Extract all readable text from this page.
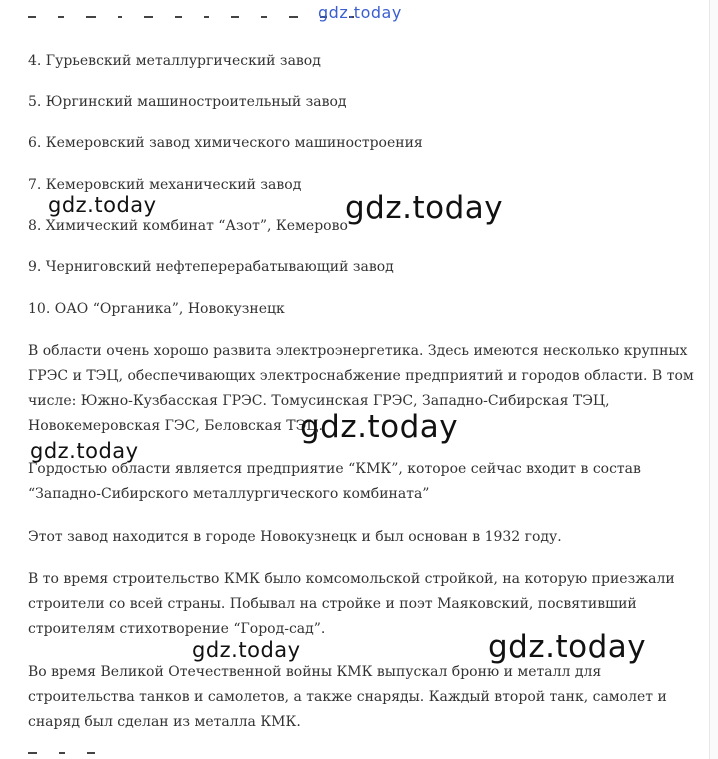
gdz.today
4. Гурьевский металлургический завод
5. Юргинский машиностроительный завод
6. Кемеровский завод химического машиностроения
7. Кемеровский механический завод
8. Химический комбинат “Азот”, Кемерово
9. Черниговский нефтеперерабатывающий завод
10. ОАО “Органика”, Новокузнецк
В области очень хорошо развита электроэнергетика. Здесь имеются несколько крупных
ГРЭС и ТЭЦ, обеспечивающих электроснабжение предприятий и городов области. В том
числе: Южно-Кузбасская ГРЭС. Томусинская ГРЭС, Западно-Сибирская ТЭЦ,
Новокемеровская ГЭС, Беловская ТЭЦ.
Гордостью области является предприятие “КМК”, которое сейчас входит в состав
“Западно-Сибирского металлургического комбината”
Этот завод находится в городе Новокузнецк и был основан в 1932 году.
В то время строительство КМК было комсомольской стройкой, на которую приезжали
строители со всей страны. Побывал на стройке и поэт Маяковский, посвятивший
строителям стихотворение “Город-сад”.
Во время Великой Отечественной войны КМК выпускал броню и металл для
строительства танков и самолетов, а также снаряды. Каждый второй танк, самолет и
снаряд был сделан из металла КМК.
gdz.today	gdz.today
gdz.today
gdz.today
gdz.today
gdz.today
